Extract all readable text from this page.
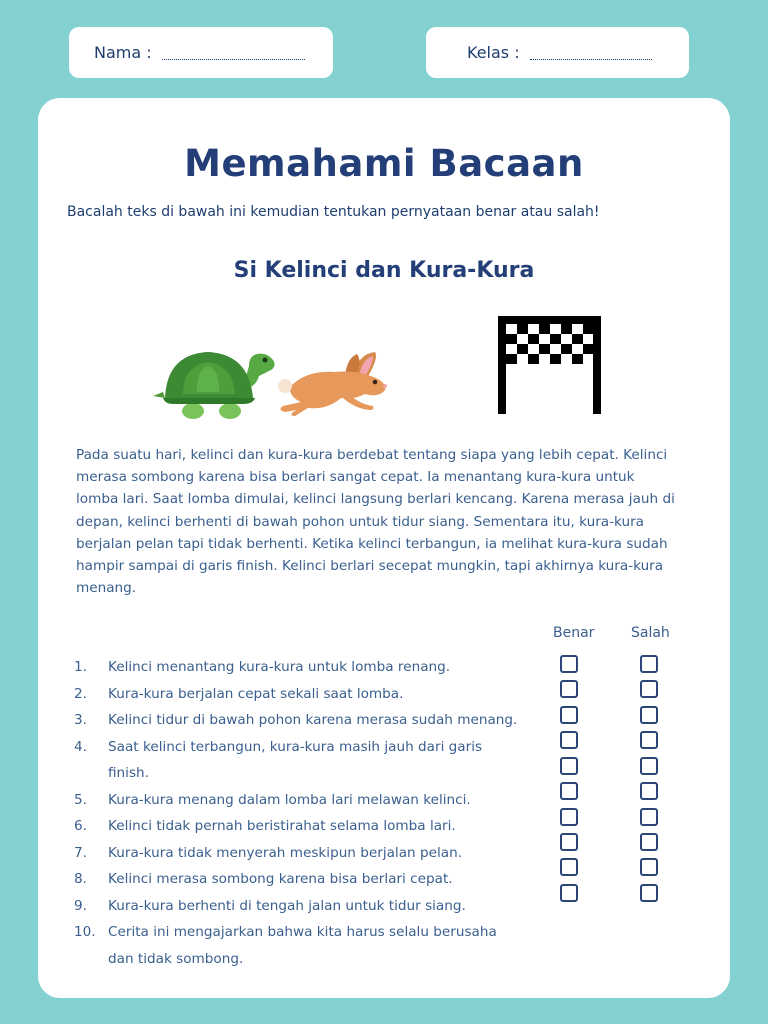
Nama :	Kelas :
Memahami Bacaan
Bacalah teks di bawah ini kemudian tentukan pernyataan benar atau salah!
Si Kelinci dan Kura-Kura
Pada suatu hari, kelinci dan kura-kura berdebat tentang siapa yang lebih cepat. Kelinci merasa sombong karena bisa berlari sangat cepat. Ia menantang kura-kura untuk lomba lari. Saat lomba dimulai, kelinci langsung berlari kencang. Karena merasa jauh di depan, kelinci berhenti di bawah pohon untuk tidur siang. Sementara itu, kura-kura berjalan pelan tapi tidak berhenti. Ketika kelinci terbangun, ia melihat kura-kura sudah hampir sampai di garis finish. Kelinci berlari secepat mungkin, tapi akhirnya kura-kura menang.
Benar	Salah
1. Kelinci menantang kura-kura untuk lomba renang.
2. Kura-kura berjalan cepat sekali saat lomba.
3. Kelinci tidur di bawah pohon karena merasa sudah menang.
4. Saat kelinci terbangun, kura-kura masih jauh dari garis finish.
5. Kura-kura menang dalam lomba lari melawan kelinci.
6. Kelinci tidak pernah beristirahat selama lomba lari.
7. Kura-kura tidak menyerah meskipun berjalan pelan.
8. Kelinci merasa sombong karena bisa berlari cepat.
9. Kura-kura berhenti di tengah jalan untuk tidur siang.
10. Cerita ini mengajarkan bahwa kita harus selalu berusaha dan tidak sombong.
